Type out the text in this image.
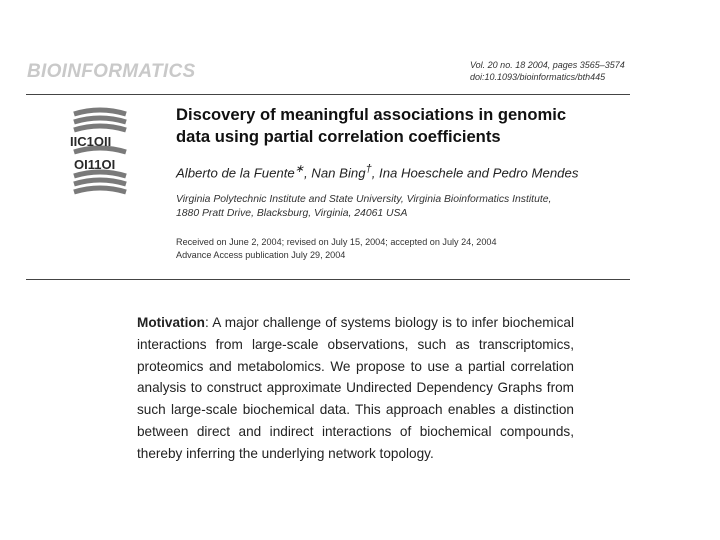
BIOINFORMATICS	Vol. 20 no. 18 2004, pages 3565–3574
doi:10.1093/bioinformatics/bth445
IIC1OII
OI11OI
Discovery of meaningful associations in genomic
data using partial correlation coefficients
Alberto de la Fuente∗, Nan Bing†, Ina Hoeschele and Pedro Mendes
Virginia Polytechnic Institute and State University, Virginia Bioinformatics Institute,
1880 Pratt Drive, Blacksburg, Virginia, 24061 USA
Received on June 2, 2004; revised on July 15, 2004; accepted on July 24, 2004
Advance Access publication July 29, 2004

Motivation: A major challenge of systems biology is to infer biochemical interactions from large-scale observations, such as transcriptomics, proteomics and metabolomics. We propose to use a partial correlation analysis to construct approximate Undirected Dependency Graphs from such large-scale biochemical data. This approach enables a distinction between direct and indirect interactions of biochemical compounds, thereby inferring the underlying network topology.
